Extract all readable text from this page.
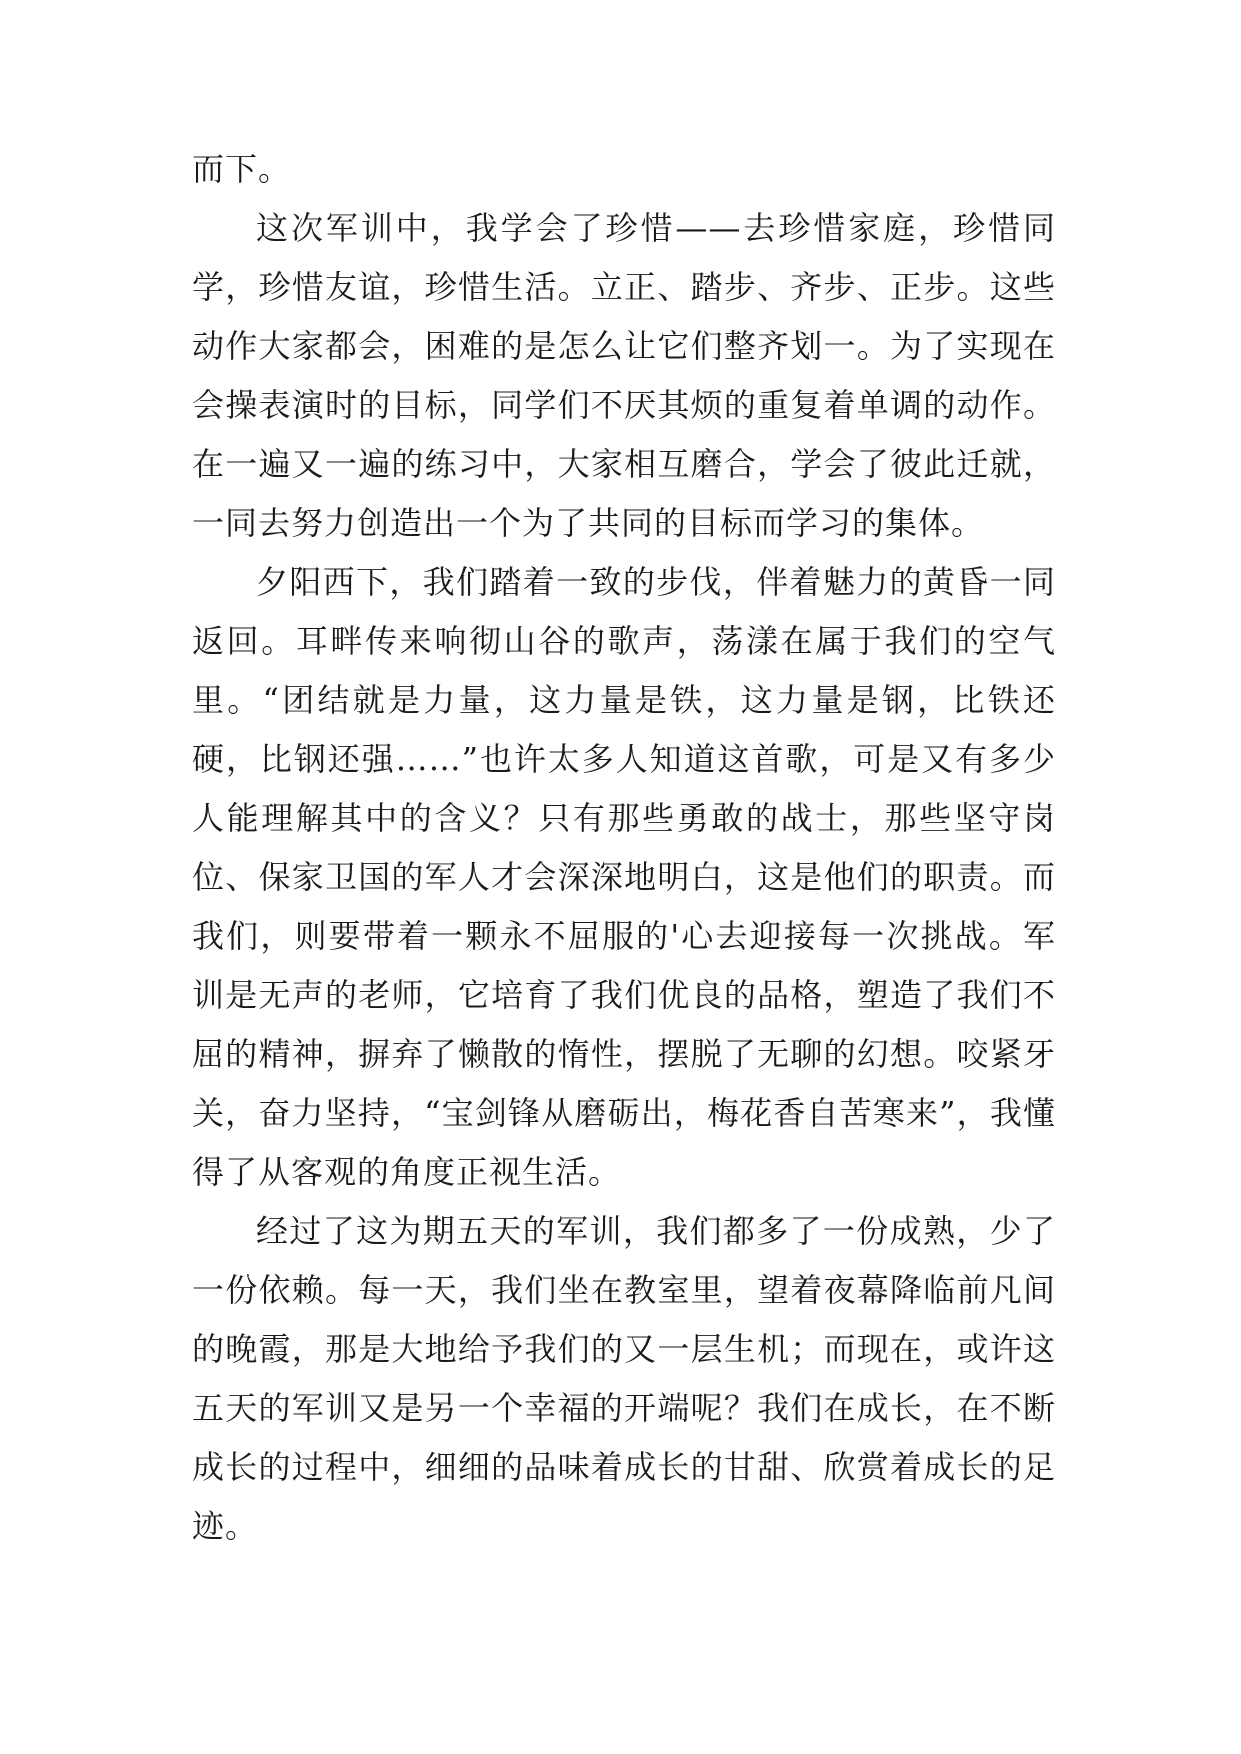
而下。

这次军训中，我学会了珍惜——去珍惜家庭，珍惜同学，珍惜友谊，珍惜生活。立正、踏步、齐步、正步。这些动作大家都会，困难的是怎么让它们整齐划一。为了实现在会操表演时的目标，同学们不厌其烦的重复着单调的动作。在一遍又一遍的练习中，大家相互磨合，学会了彼此迁就，一同去努力创造出一个为了共同的目标而学习的集体。

夕阳西下，我们踏着一致的步伐，伴着魅力的黄昏一同返回。耳畔传来响彻山谷的歌声，荡漾在属于我们的空气里。“团结就是力量，这力量是铁，这力量是钢，比铁还硬，比钢还强……”也许太多人知道这首歌，可是又有多少人能理解其中的含义？只有那些勇敢的战士，那些坚守岗位、保家卫国的军人才会深深地明白，这是他们的职责。而我们，则要带着一颗永不屈服的'心去迎接每一次挑战。军训是无声的老师，它培育了我们优良的品格，塑造了我们不屈的精神，摒弃了懒散的惰性，摆脱了无聊的幻想。咬紧牙关，奋力坚持，“宝剑锋从磨砺出，梅花香自苦寒来”，我懂得了从客观的角度正视生活。

经过了这为期五天的军训，我们都多了一份成熟，少了一份依赖。每一天，我们坐在教室里，望着夜幕降临前凡间的晚霞，那是大地给予我们的又一层生机；而现在，或许这五天的军训又是另一个幸福的开端呢？我们在成长，在不断成长的过程中，细细的品味着成长的甘甜、欣赏着成长的足迹。
